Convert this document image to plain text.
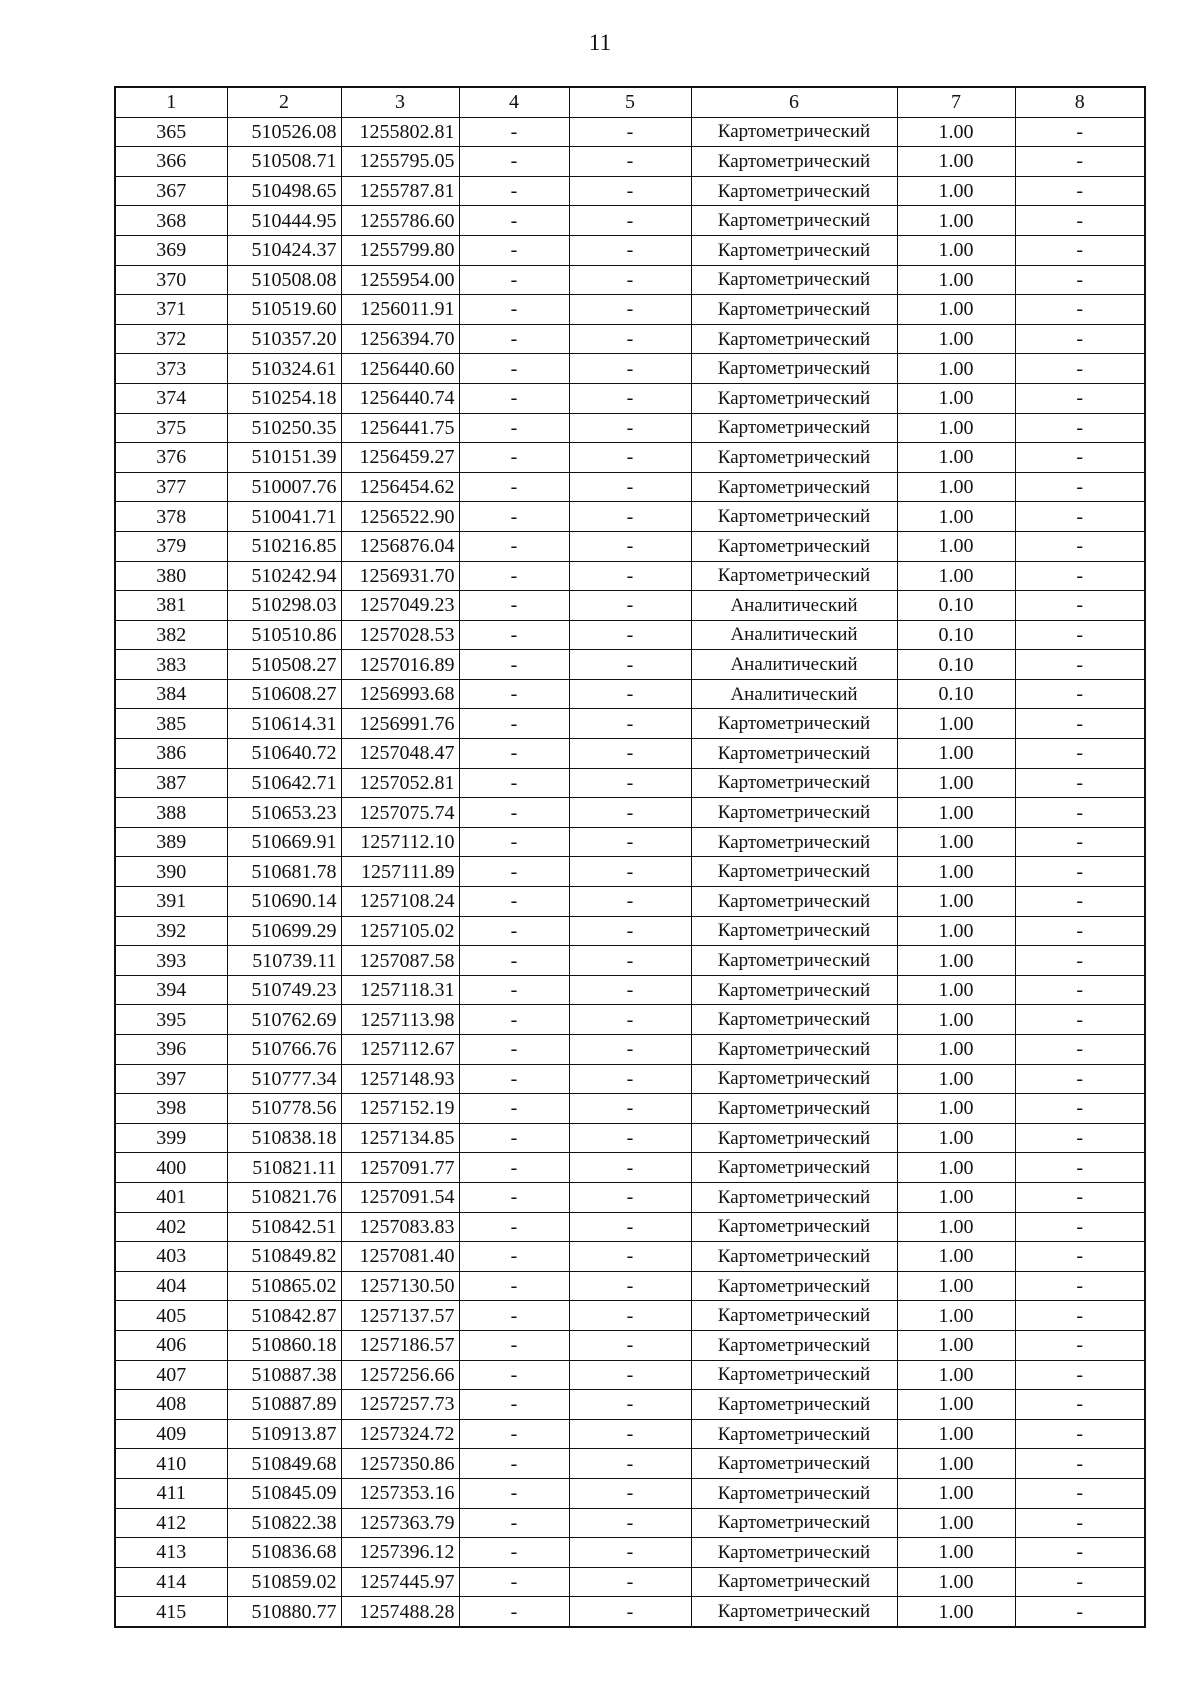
11
1	2	3	4	5	6	7	8
365	510526.08	1255802.81	-	-	Картометрический	1.00	-
366	510508.71	1255795.05	-	-	Картометрический	1.00	-
367	510498.65	1255787.81	-	-	Картометрический	1.00	-
368	510444.95	1255786.60	-	-	Картометрический	1.00	-
369	510424.37	1255799.80	-	-	Картометрический	1.00	-
370	510508.08	1255954.00	-	-	Картометрический	1.00	-
371	510519.60	1256011.91	-	-	Картометрический	1.00	-
372	510357.20	1256394.70	-	-	Картометрический	1.00	-
373	510324.61	1256440.60	-	-	Картометрический	1.00	-
374	510254.18	1256440.74	-	-	Картометрический	1.00	-
375	510250.35	1256441.75	-	-	Картометрический	1.00	-
376	510151.39	1256459.27	-	-	Картометрический	1.00	-
377	510007.76	1256454.62	-	-	Картометрический	1.00	-
378	510041.71	1256522.90	-	-	Картометрический	1.00	-
379	510216.85	1256876.04	-	-	Картометрический	1.00	-
380	510242.94	1256931.70	-	-	Картометрический	1.00	-
381	510298.03	1257049.23	-	-	Аналитический	0.10	-
382	510510.86	1257028.53	-	-	Аналитический	0.10	-
383	510508.27	1257016.89	-	-	Аналитический	0.10	-
384	510608.27	1256993.68	-	-	Аналитический	0.10	-
385	510614.31	1256991.76	-	-	Картометрический	1.00	-
386	510640.72	1257048.47	-	-	Картометрический	1.00	-
387	510642.71	1257052.81	-	-	Картометрический	1.00	-
388	510653.23	1257075.74	-	-	Картометрический	1.00	-
389	510669.91	1257112.10	-	-	Картометрический	1.00	-
390	510681.78	1257111.89	-	-	Картометрический	1.00	-
391	510690.14	1257108.24	-	-	Картометрический	1.00	-
392	510699.29	1257105.02	-	-	Картометрический	1.00	-
393	510739.11	1257087.58	-	-	Картометрический	1.00	-
394	510749.23	1257118.31	-	-	Картометрический	1.00	-
395	510762.69	1257113.98	-	-	Картометрический	1.00	-
396	510766.76	1257112.67	-	-	Картометрический	1.00	-
397	510777.34	1257148.93	-	-	Картометрический	1.00	-
398	510778.56	1257152.19	-	-	Картометрический	1.00	-
399	510838.18	1257134.85	-	-	Картометрический	1.00	-
400	510821.11	1257091.77	-	-	Картометрический	1.00	-
401	510821.76	1257091.54	-	-	Картометрический	1.00	-
402	510842.51	1257083.83	-	-	Картометрический	1.00	-
403	510849.82	1257081.40	-	-	Картометрический	1.00	-
404	510865.02	1257130.50	-	-	Картометрический	1.00	-
405	510842.87	1257137.57	-	-	Картометрический	1.00	-
406	510860.18	1257186.57	-	-	Картометрический	1.00	-
407	510887.38	1257256.66	-	-	Картометрический	1.00	-
408	510887.89	1257257.73	-	-	Картометрический	1.00	-
409	510913.87	1257324.72	-	-	Картометрический	1.00	-
410	510849.68	1257350.86	-	-	Картометрический	1.00	-
411	510845.09	1257353.16	-	-	Картометрический	1.00	-
412	510822.38	1257363.79	-	-	Картометрический	1.00	-
413	510836.68	1257396.12	-	-	Картометрический	1.00	-
414	510859.02	1257445.97	-	-	Картометрический	1.00	-
415	510880.77	1257488.28	-	-	Картометрический	1.00	-
